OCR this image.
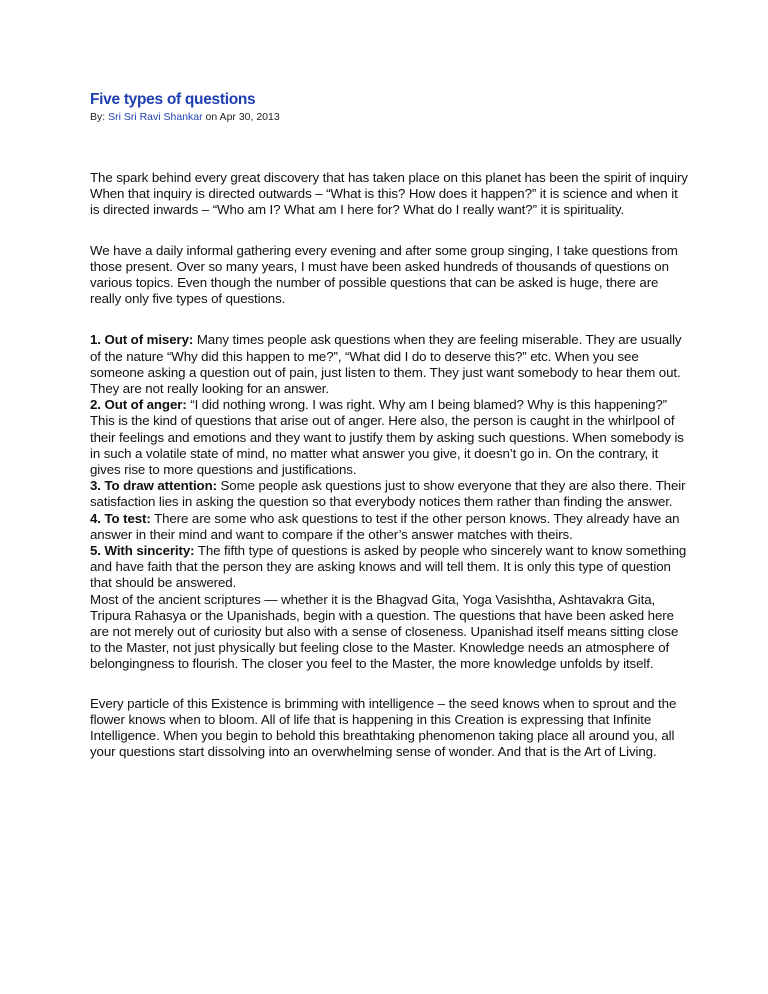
Five types of questions
By: Sri Sri Ravi Shankar on Apr 30, 2013

The spark behind every great discovery that has taken place on this planet has been the spirit of inquiry When that inquiry is directed outwards – “What is this? How does it happen?” it is science and when it is directed inwards – “Who am I? What am I here for? What do I really want?” it is spirituality.

We have a daily informal gathering every evening and after some group singing, I take questions from those present. Over so many years, I must have been asked hundreds of thousands of questions on various topics. Even though the number of possible questions that can be asked is huge, there are really only five types of questions.

1. Out of misery: Many times people ask questions when they are feeling miserable. They are usually of the nature “Why did this happen to me?”, “What did I do to deserve this?” etc. When you see someone asking a question out of pain, just listen to them. They just want somebody to hear them out. They are not really looking for an answer.

2. Out of anger: “I did nothing wrong. I was right. Why am I being blamed? Why is this happening?” This is the kind of questions that arise out of anger. Here also, the person is caught in the whirlpool of their feelings and emotions and they want to justify them by asking such questions. When somebody is in such a volatile state of mind, no matter what answer you give, it doesn’t go in. On the contrary, it gives rise to more questions and justifications.

3. To draw attention: Some people ask questions just to show everyone that they are also there. Their satisfaction lies in asking the question so that everybody notices them rather than finding the answer.

4. To test: There are some who ask questions to test if the other person knows. They already have an answer in their mind and want to compare if the other’s answer matches with theirs.

5. With sincerity: The fifth type of questions is asked by people who sincerely want to know something and have faith that the person they are asking knows and will tell them. It is only this type of question that should be answered.

Most of the ancient scriptures — whether it is the Bhagvad Gita, Yoga Vasishtha, Ashtavakra Gita, Tripura Rahasya or the Upanishads, begin with a question. The questions that have been asked here are not merely out of curiosity but also with a sense of closeness. Upanishad itself means sitting close to the Master, not just physically but feeling close to the Master. Knowledge needs an atmosphere of belongingness to flourish. The closer you feel to the Master, the more knowledge unfolds by itself.

Every particle of this Existence is brimming with intelligence – the seed knows when to sprout and the flower knows when to bloom. All of life that is happening in this Creation is expressing that Infinite Intelligence. When you begin to behold this breathtaking phenomenon taking place all around you, all your questions start dissolving into an overwhelming sense of wonder. And that is the Art of Living.
